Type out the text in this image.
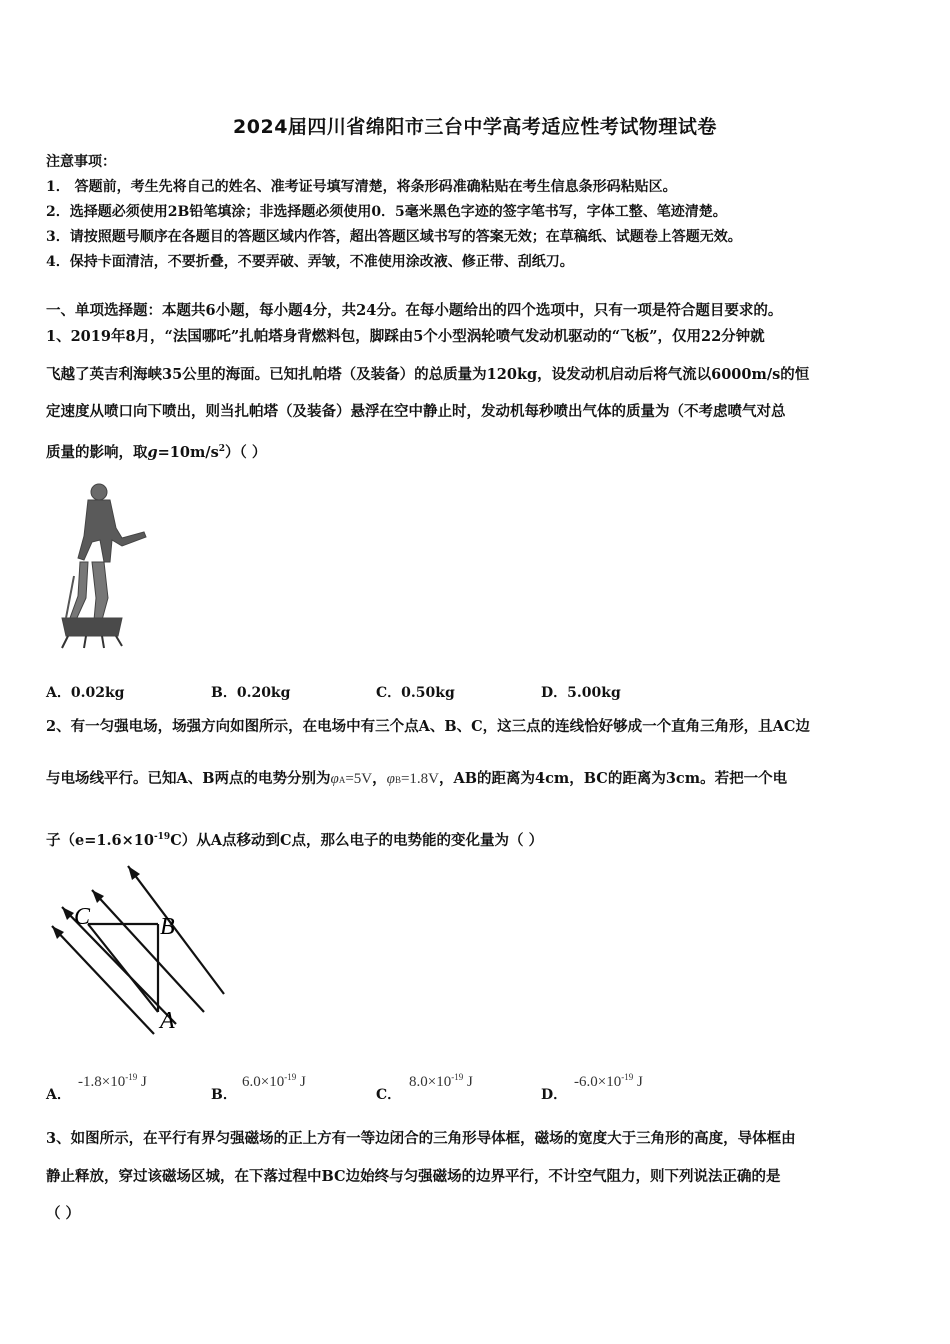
2024届四川省绵阳市三台中学高考适应性考试物理试卷
注意事项：
1． 答题前，考生先将自己的姓名、准考证号填写清楚，将条形码准确粘贴在考生信息条形码粘贴区。
2．选择题必须使用2B铅笔填涂；非选择题必须使用0．5毫米黑色字迹的签字笔书写，字体工整、笔迹清楚。
3．请按照题号顺序在各题目的答题区域内作答，超出答题区域书写的答案无效；在草稿纸、试题卷上答题无效。
4．保持卡面清洁，不要折叠，不要弄破、弄皱，不准使用涂改液、修正带、刮纸刀。
一、单项选择题：本题共6小题，每小题4分，共24分。在每小题给出的四个选项中，只有一项是符合题目要求的。
1、2019年8月，“法国哪吒”扎帕塔身背燃料包，脚踩由5个小型涡轮喷气发动机驱动的“飞板”，仅用22分钟就
飞越了英吉利海峡35公里的海面。已知扎帕塔（及装备）的总质量为120kg，设发动机启动后将气流以6000m/s的恒
定速度从喷口向下喷出，则当扎帕塔（及装备）悬浮在空中静止时，发动机每秒喷出气体的质量为（不考虑喷气对总
质量的影响，取$g=10m/s^2$）（ ）
A．0.02kg	B．0.20kg	C．0.50kg	D．5.00kg
2、有一匀强电场，场强方向如图所示，在电场中有三个点A、B、C，这三点的连线恰好够成一个直角三角形，且AC边
与电场线平行。已知A、B两点的电势分别为φA=5V，φB=1.8V，AB的距离为4cm，BC的距离为3cm。若把一个电
子$(e=1.6\times 10^{-19}C)$从A点移动到C点，那么电子的电势能的变化量为（ ）
C	B
A
A．
$-1.8\times 10^{-19}$ J
B．
$6.0\times 10^{-19}$ J
C．
$8.0\times 10^{-19}$ J
D．
$-6.0\times 10^{-19}$ J
3、如图所示，在平行有界匀强磁场的正上方有一等边闭合的三角形导体框，磁场的宽度大于三角形的高度，导体框由
静止释放，穿过该磁场区城，在下落过程中BC边始终与匀强磁场的边界平行，不计空气阻力，则下列说法正确的是
（ ）
